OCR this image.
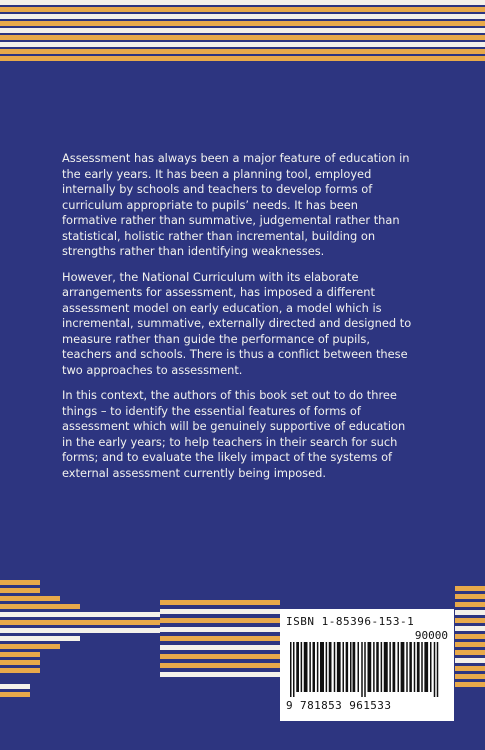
Assessment has always been a major feature of education in the early years. It has been a planning tool, employed internally by schools and teachers to develop forms of curriculum appropriate to pupils’ needs. It has been formative rather than summative, judgemental rather than statistical, holistic rather than incremental, building on strengths rather than identifying weaknesses.

However, the National Curriculum with its elaborate arrangements for assessment, has imposed a different assessment model on early education, a model which is incremental, summative, externally directed and designed to measure rather than guide the performance of pupils, teachers and schools. There is thus a conflict between these two approaches to assessment.

In this context, the authors of this book set out to do three things – to identify the essential features of forms of assessment which will be genuinely supportive of education in the early years; to help teachers in their search for such forms; and to evaluate the likely impact of the systems of external assessment currently being imposed.

ISBN 1-85396-153-1
90000
9 781853 961533
